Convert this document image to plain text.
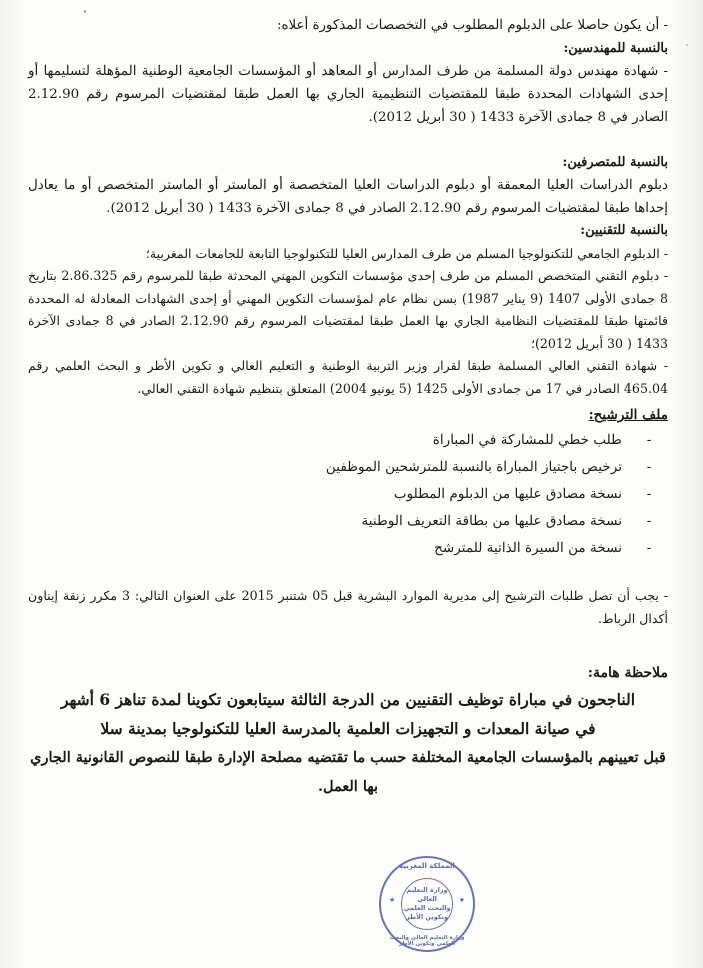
- أن يكون حاصلا على الدبلوم المطلوب في التخصصات المذكورة أعلاه:

بالنسبة للمهندسين:

- شهادة مهندس دولة المسلمة من طرف المدارس أو المعاهد أو المؤسسات الجامعية الوطنية المؤهلة لتسليمها أو إحدى الشهادات المحددة طبقا للمقتضيات التنظيمية الجاري بها العمل طبقا لمقتضيات المرسوم رقم 2.12.90 الصادر في 8 جمادى الآخرة 1433 ( 30 أبريل 2012).

بالنسبة للمتصرفين:

دبلوم الدراسات العليا المعمقة أو دبلوم الدراسات العليا المتخصصة أو الماستر أو الماستر المتخصص أو ما يعادل إحداها طبقا لمقتضيات المرسوم رقم 2.12.90 الصادر في 8 جمادى الآخرة 1433 ( 30 أبريل 2012).

بالنسبة للتقنيين:

- الدبلوم الجامعي للتكنولوجيا المسلم من طرف المدارس العليا للتكنولوجيا التابعة للجامعات المغربية؛

- دبلوم التقني المتخصص المسلم من طرف إحدى مؤسسات التكوين المهني المحدثة طبقا للمرسوم رقم 2.86.325 بتاريخ 8 جمادى الأولى 1407 (9 يناير 1987) بسن نظام عام لمؤسسات التكوين المهني أو إحدى الشهادات المعادلة له المحددة قائمتها طبقا للمقتضيات النظامية الجاري بها العمل طبقا لمقتضيات المرسوم رقم 2.12.90 الصادر في 8 جمادى الآخرة 1433 ( 30 أبريل 2012)؛

- شهادة التقني العالي المسلمة طبقا لقرار وزير التربية الوطنية و التعليم العالي و تكوين الأطر و البحث العلمي رقم 465.04 الصادر في 17 من جمادى الأولى 1425 (5 يونيو 2004) المتعلق بتنظيم شهادة التقني العالي.

ملف الترشيح:

-
طلب خطي للمشاركة في المباراة
-
ترخيص باجتياز المباراة بالنسبة للمترشحين الموظفين
-
نسخة مصادق عليها من الدبلوم المطلوب
-
نسخة مصادق عليها من بطاقة التعريف الوطنية
-
نسخة من السيرة الذاتية للمترشح

- يجب أن تصل طلبات الترشيح إلى مديرية الموارد البشرية قبل 05 شتنبر 2015 على العنوان التالي: 3 مكرر زنقة إيناون أكدال الرباط.

ملاحظة هامة:

الناجحون في مباراة توظيف التقنيين من الدرجة الثالثة سيتابعون تكوينا لمدة تناهز 6 أشهر

في صيانة المعدات و التجهيزات العلمية بالمدرسة العليا للتكنولوجيا بمدينة سلا

قبل تعيينهم بالمؤسسات الجامعية المختلفة حسب ما تقتضيه مصلحة الإدارة طبقا للنصوص القانونية الجاري بها العمل.

المملكة المغربية
★	★
وزارة التعليم العالي
والبحث العلمي
وتكوين الأطر
وزارة التعليم العالي والبحث العلمي وتكوين الأطر
